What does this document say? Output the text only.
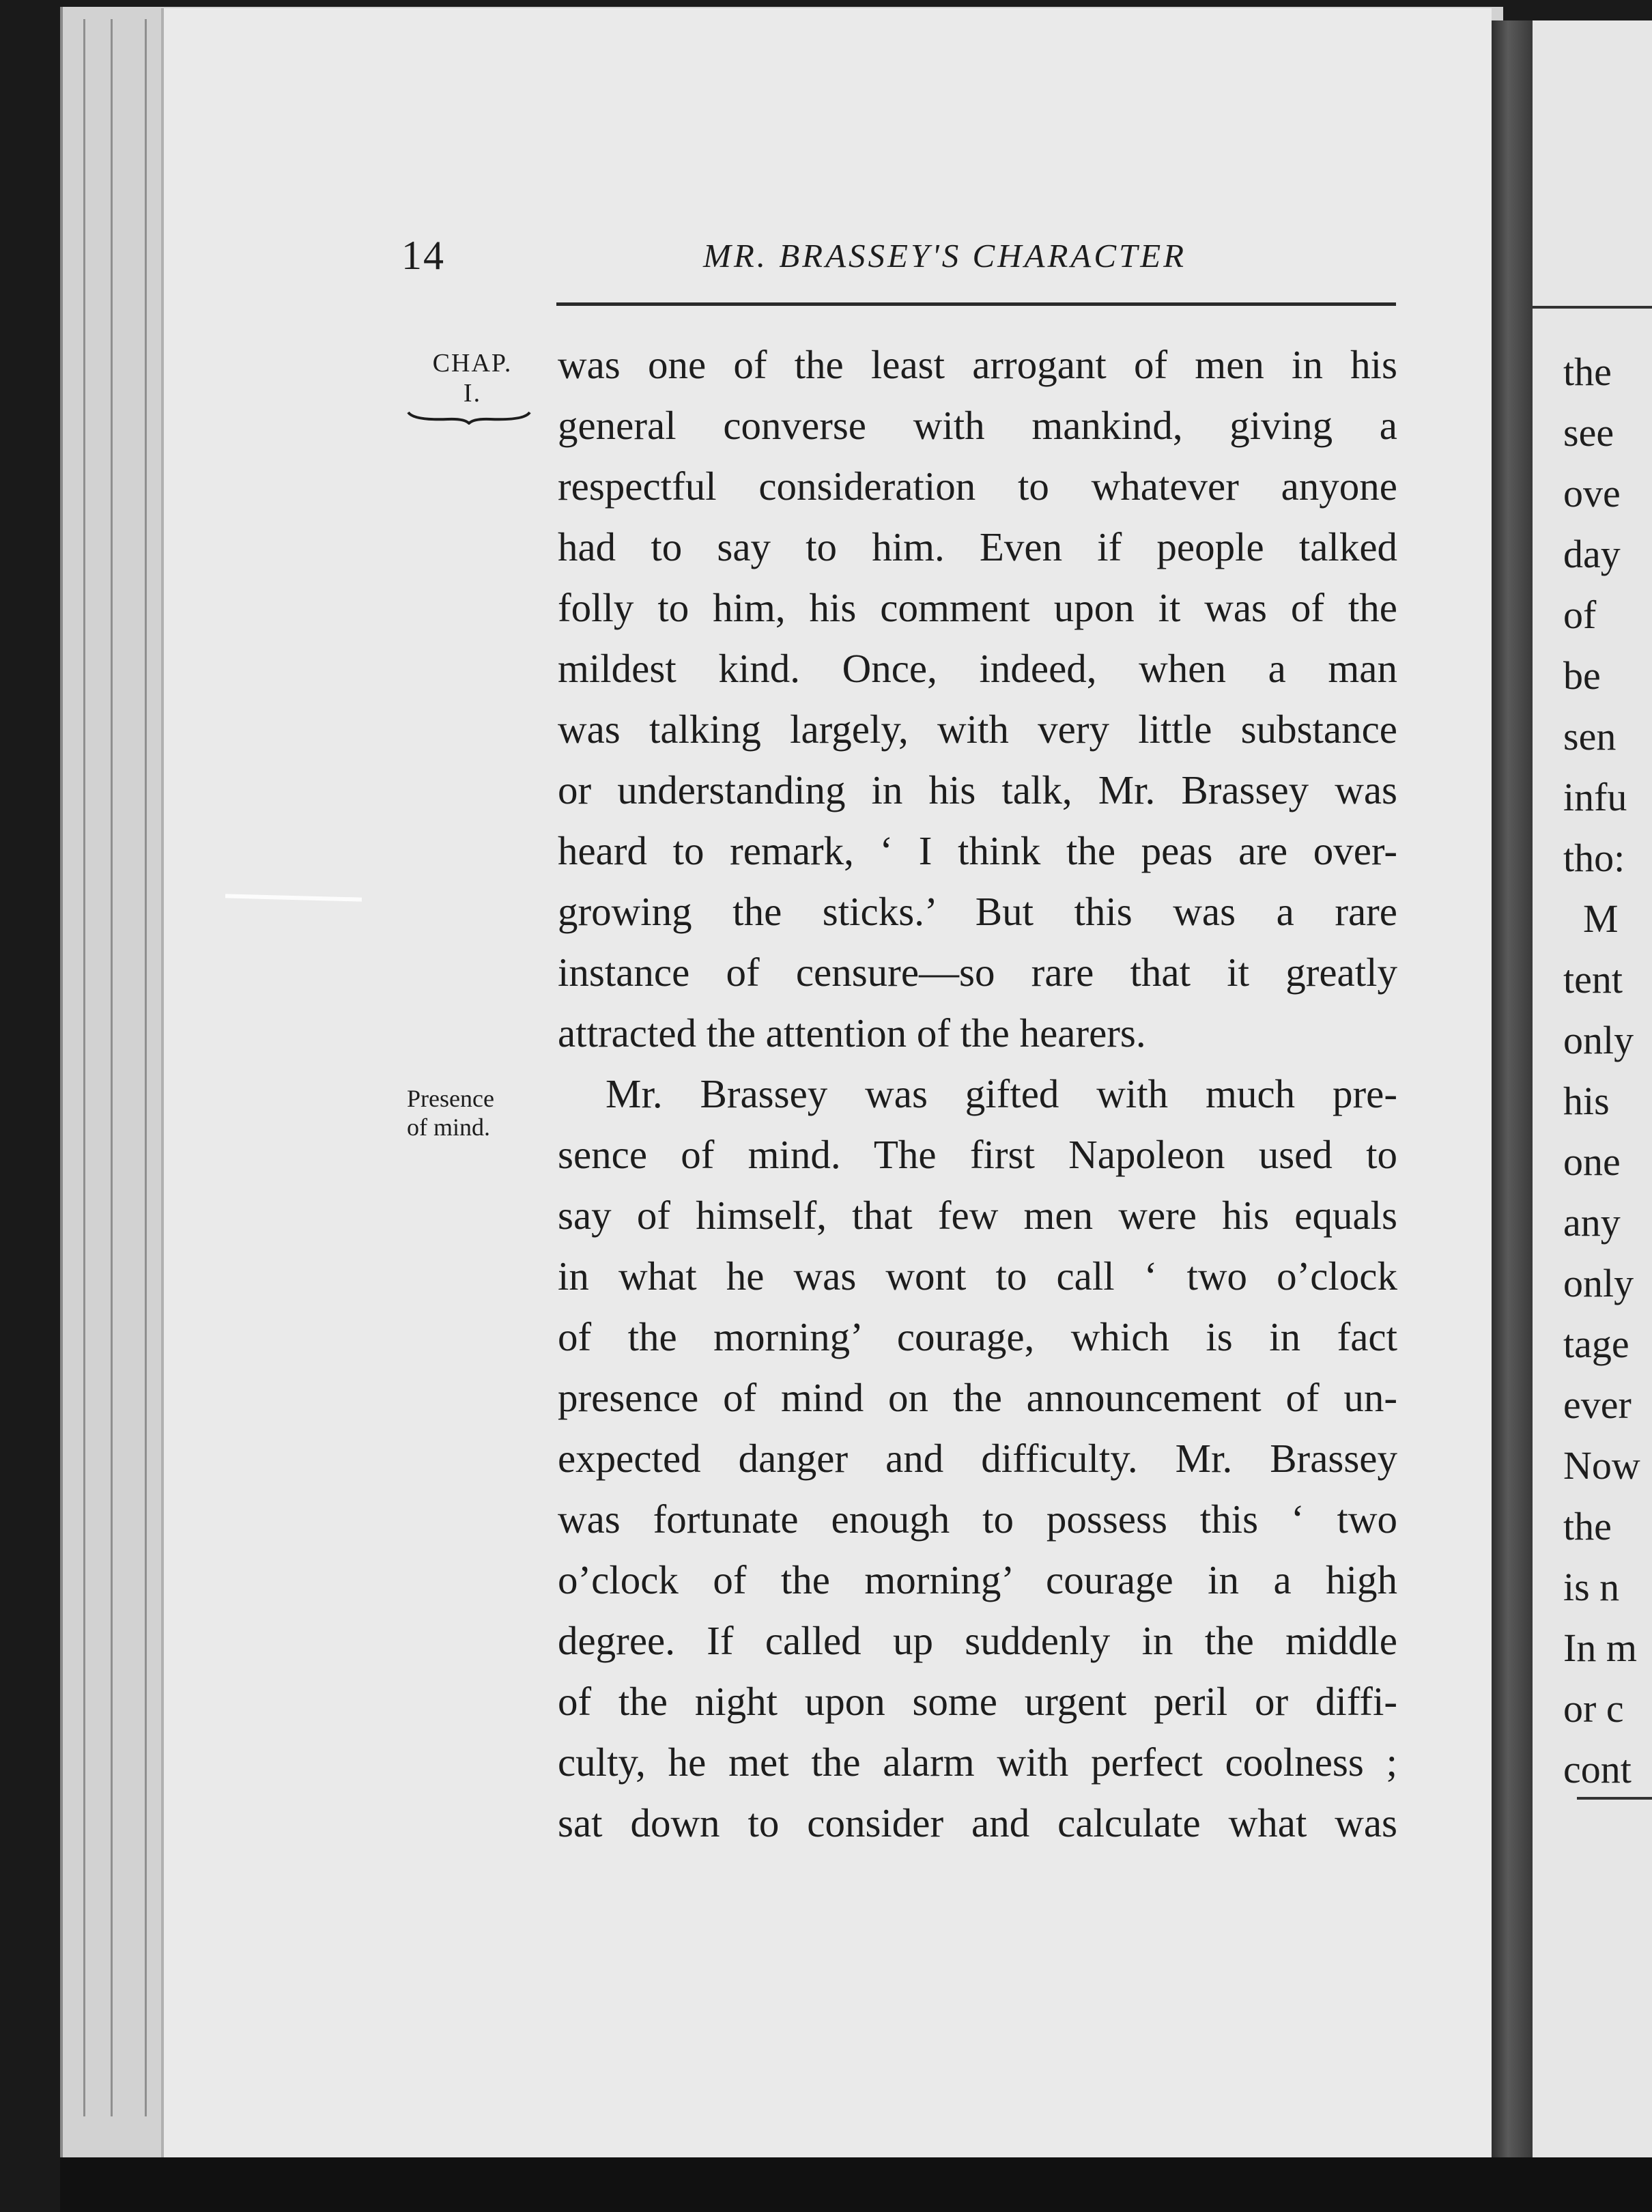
14	MR. BRASSEY'S CHARACTER
CHAP.
I.
Presence
of mind.
was one of the least arrogant of men in his
general converse with mankind, giving a
respectful consideration to whatever anyone
had to say to him. Even if people talked
folly to him, his comment upon it was of the
mildest kind. Once, indeed, when a man
was talking largely, with very little substance
or understanding in his talk, Mr. Brassey was
heard to remark, ‘ I think the peas are over-
growing the sticks.’ But this was a rare
instance of censure—so rare that it greatly
attracted the attention of the hearers.
Mr. Brassey was gifted with much pre-
sence of mind. The first Napoleon used to
say of himself, that few men were his equals
in what he was wont to call ‘ two o’clock
of the morning’ courage, which is in fact
presence of mind on the announcement of un-
expected danger and difficulty. Mr. Brassey
was fortunate enough to possess this ‘ two
o’clock of the morning’ courage in a high
degree. If called up suddenly in the middle
of the night upon some urgent peril or diffi-
culty, he met the alarm with perfect coolness ;
sat down to consider and calculate what was
the
see
ove
day
of
be
sen
infu
tho:
M
tent
only
his
one
any
only
tage
ever
Now
the
is n
In m
or c
cont
